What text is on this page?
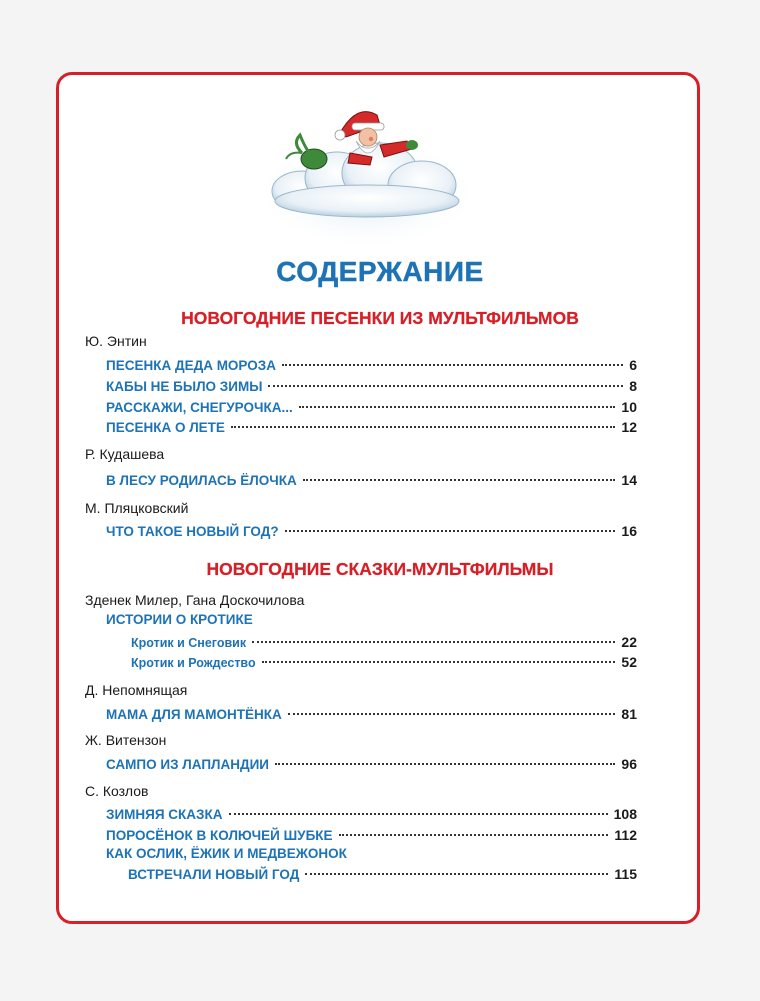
СОДЕРЖАНИЕ
НОВОГОДНИЕ ПЕСЕНКИ ИЗ МУЛЬТФИЛЬМОВ
Ю. Энтин
ПЕСЕНКА ДЕДА МОРОЗА	6
КАБЫ НЕ БЫЛО ЗИМЫ	8
РАССКАЖИ, СНЕГУРОЧКА...	10
ПЕСЕНКА О ЛЕТЕ	12
Р. Кудашева
В ЛЕСУ РОДИЛАСЬ ЁЛОЧКА	14
М. Пляцковский
ЧТО ТАКОЕ НОВЫЙ ГОД?	16
НОВОГОДНИЕ СКАЗКИ-МУЛЬТФИЛЬМЫ
Зденек Милер, Гана Доскочилова
ИСТОРИИ О КРОТИКЕ
Кротик и Снеговик	22
Кротик и Рождество	52
Д. Непомнящая
МАМА ДЛЯ МАМОНТЁНКА	81
Ж. Витензон
САМПО ИЗ ЛАПЛАНДИИ	96
С. Козлов
ЗИМНЯЯ СКАЗКА	108
ПОРОСЁНОК В КОЛЮЧЕЙ ШУБКЕ	112
КАК ОСЛИК, ЁЖИК И МЕДВЕЖОНОК
ВСТРЕЧАЛИ НОВЫЙ ГОД	115
